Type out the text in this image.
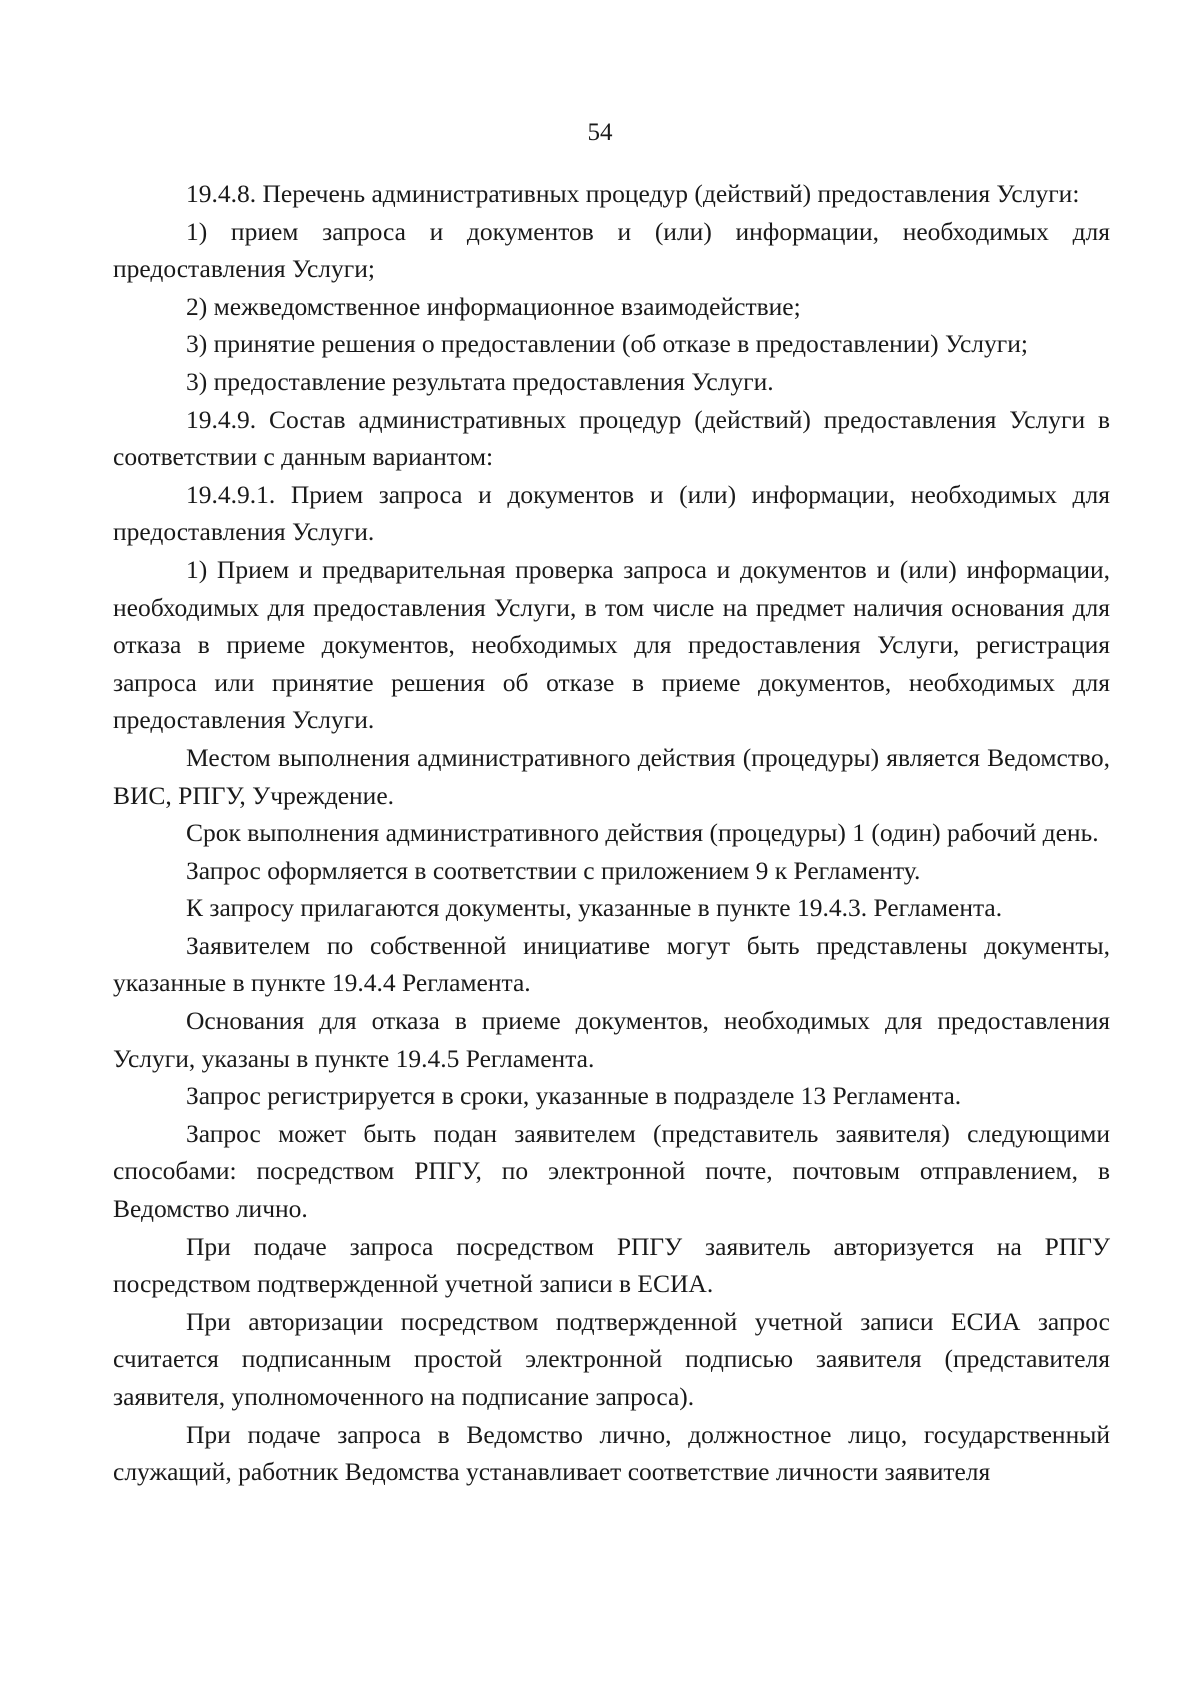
54

19.4.8. Перечень административных процедур (действий) предоставления Услуги:

1) прием запроса и документов и (или) информации, необходимых для предоставления Услуги;

2) межведомственное информационное взаимодействие;

3) принятие решения о предоставлении (об отказе в предоставлении) Услуги;

3) предоставление результата предоставления Услуги.

19.4.9. Состав административных процедур (действий) предоставления Услуги в соответствии с данным вариантом:

19.4.9.1. Прием запроса и документов и (или) информации, необходимых для предоставления Услуги.

1) Прием и предварительная проверка запроса и документов и (или) информации, необходимых для предоставления Услуги, в том числе на предмет наличия основания для отказа в приеме документов, необходимых для предоставления Услуги, регистрация запроса или принятие решения об отказе в приеме документов, необходимых для предоставления Услуги.

Местом выполнения административного действия (процедуры) является Ведомство, ВИС, РПГУ, Учреждение.

Срок выполнения административного действия (процедуры) 1 (один) рабочий день.

Запрос оформляется в соответствии с приложением 9 к Регламенту.

К запросу прилагаются документы, указанные в пункте 19.4.3. Регламента.

Заявителем по собственной инициативе могут быть представлены документы, указанные в пункте 19.4.4 Регламента.

Основания для отказа в приеме документов, необходимых для предоставления Услуги, указаны в пункте 19.4.5 Регламента.

Запрос регистрируется в сроки, указанные в подразделе 13 Регламента.

Запрос может быть подан заявителем (представитель заявителя) следующими способами: посредством РПГУ, по электронной почте, почтовым отправлением, в Ведомство лично.

При подаче запроса посредством РПГУ заявитель авторизуется на РПГУ посредством подтвержденной учетной записи в ЕСИА.

При авторизации посредством подтвержденной учетной записи ЕСИА запрос считается подписанным простой электронной подписью заявителя (представителя заявителя, уполномоченного на подписание запроса).

При подаче запроса в Ведомство лично, должностное лицо, государственный служащий, работник Ведомства устанавливает соответствие личности заявителя
